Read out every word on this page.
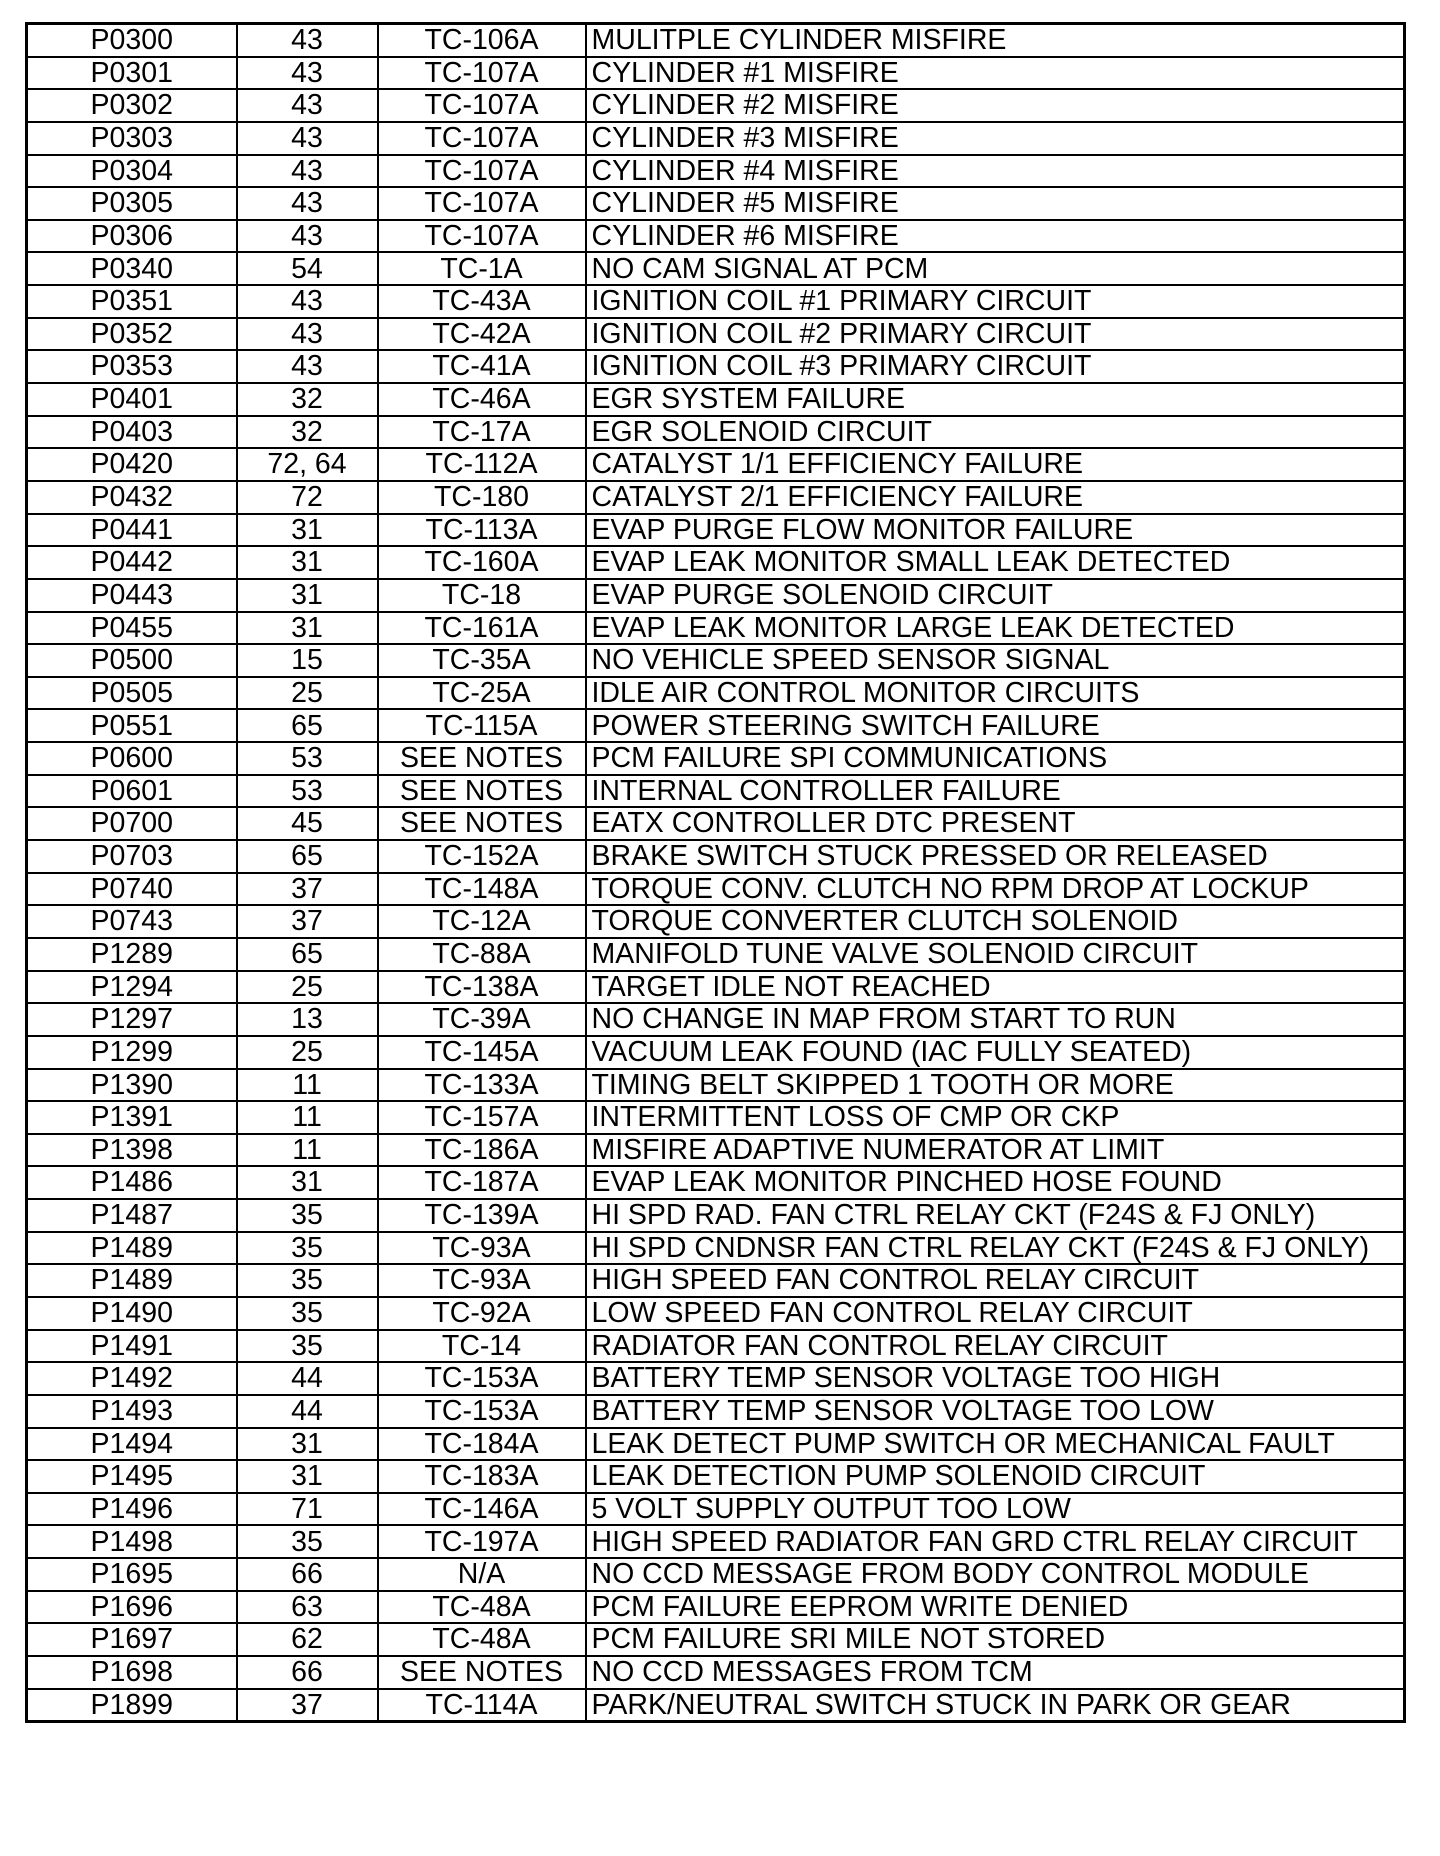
P0300	43	TC-106A	MULITPLE CYLINDER MISFIRE
P0301	43	TC-107A	CYLINDER #1 MISFIRE
P0302	43	TC-107A	CYLINDER #2 MISFIRE
P0303	43	TC-107A	CYLINDER #3 MISFIRE
P0304	43	TC-107A	CYLINDER #4 MISFIRE
P0305	43	TC-107A	CYLINDER #5 MISFIRE
P0306	43	TC-107A	CYLINDER #6 MISFIRE
P0340	54	TC-1A	NO CAM SIGNAL AT PCM
P0351	43	TC-43A	IGNITION COIL #1 PRIMARY CIRCUIT
P0352	43	TC-42A	IGNITION COIL #2 PRIMARY CIRCUIT
P0353	43	TC-41A	IGNITION COIL #3 PRIMARY CIRCUIT
P0401	32	TC-46A	EGR SYSTEM FAILURE
P0403	32	TC-17A	EGR SOLENOID CIRCUIT
P0420	72, 64	TC-112A	CATALYST 1/1 EFFICIENCY FAILURE
P0432	72	TC-180	CATALYST 2/1 EFFICIENCY FAILURE
P0441	31	TC-113A	EVAP PURGE FLOW MONITOR FAILURE
P0442	31	TC-160A	EVAP LEAK MONITOR SMALL LEAK DETECTED
P0443	31	TC-18	EVAP PURGE SOLENOID CIRCUIT
P0455	31	TC-161A	EVAP LEAK MONITOR LARGE LEAK DETECTED
P0500	15	TC-35A	NO VEHICLE SPEED SENSOR SIGNAL
P0505	25	TC-25A	IDLE AIR CONTROL MONITOR CIRCUITS
P0551	65	TC-115A	POWER STEERING SWITCH FAILURE
P0600	53	SEE NOTES	PCM FAILURE SPI COMMUNICATIONS
P0601	53	SEE NOTES	INTERNAL CONTROLLER FAILURE
P0700	45	SEE NOTES	EATX CONTROLLER DTC PRESENT
P0703	65	TC-152A	BRAKE SWITCH STUCK PRESSED OR RELEASED
P0740	37	TC-148A	TORQUE CONV. CLUTCH NO RPM DROP AT LOCKUP
P0743	37	TC-12A	TORQUE CONVERTER CLUTCH SOLENOID
P1289	65	TC-88A	MANIFOLD TUNE VALVE SOLENOID CIRCUIT
P1294	25	TC-138A	TARGET IDLE NOT REACHED
P1297	13	TC-39A	NO CHANGE IN MAP FROM START TO RUN
P1299	25	TC-145A	VACUUM LEAK FOUND (IAC FULLY SEATED)
P1390	11	TC-133A	TIMING BELT SKIPPED 1 TOOTH OR MORE
P1391	11	TC-157A	INTERMITTENT LOSS OF CMP OR CKP
P1398	11	TC-186A	MISFIRE ADAPTIVE NUMERATOR AT LIMIT
P1486	31	TC-187A	EVAP LEAK MONITOR PINCHED HOSE FOUND
P1487	35	TC-139A	HI SPD RAD. FAN CTRL RELAY CKT (F24S & FJ ONLY)
P1489	35	TC-93A	HI SPD CNDNSR FAN CTRL RELAY CKT (F24S & FJ ONLY)
P1489	35	TC-93A	HIGH SPEED FAN CONTROL RELAY CIRCUIT
P1490	35	TC-92A	LOW SPEED FAN CONTROL RELAY CIRCUIT
P1491	35	TC-14	RADIATOR FAN CONTROL RELAY CIRCUIT
P1492	44	TC-153A	BATTERY TEMP SENSOR VOLTAGE TOO HIGH
P1493	44	TC-153A	BATTERY TEMP SENSOR VOLTAGE TOO LOW
P1494	31	TC-184A	LEAK DETECT PUMP SWITCH OR MECHANICAL FAULT
P1495	31	TC-183A	LEAK DETECTION PUMP SOLENOID CIRCUIT
P1496	71	TC-146A	5 VOLT SUPPLY OUTPUT TOO LOW
P1498	35	TC-197A	HIGH SPEED RADIATOR FAN GRD CTRL RELAY CIRCUIT
P1695	66	N/A	NO CCD MESSAGE FROM BODY CONTROL MODULE
P1696	63	TC-48A	PCM FAILURE EEPROM WRITE DENIED
P1697	62	TC-48A	PCM FAILURE SRI MILE NOT STORED
P1698	66	SEE NOTES	NO CCD MESSAGES FROM TCM
P1899	37	TC-114A	PARK/NEUTRAL SWITCH STUCK IN PARK OR GEAR
